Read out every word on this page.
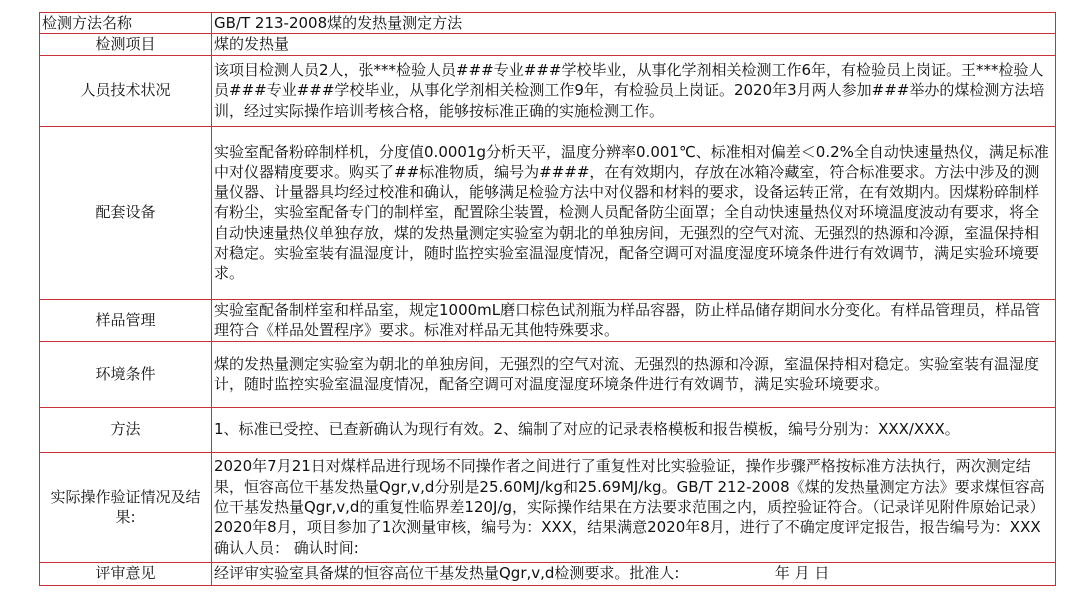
检测方法名称	GB/T 213-2008煤的发热量测定方法
检测项目	煤的发热量
人员技术状况	该项目检测人员2人，张***检验人员###专业###学校毕业，从事化学剂相关检测工作6年，有检验员上岗证。王***检验人员###专业###学校毕业，从事化学剂相关检测工作9年，有检验员上岗证。2020年3月两人参加###举办的煤检测方法培训，经过实际操作培训考核合格，能够按标准正确的实施检测工作。
配套设备	实验室配备粉碎制样机，分度值0.0001g分析天平，温度分辨率0.001℃、标准相对偏差＜0.2%全自动快速量热仪，满足标准中对仪器精度要求。购买了##标准物质，编号为####，在有效期内，存放在冰箱冷藏室，符合标准要求。方法中涉及的测量仪器、计量器具均经过校准和确认，能够满足检验方法中对仪器和材料的要求，设备运转正常，在有效期内。因煤粉碎制样有粉尘，实验室配备专门的制样室，配置除尘装置，检测人员配备防尘面罩；全自动快速量热仪对环境温度波动有要求，将全自动快速量热仪单独存放，煤的发热量测定实验室为朝北的单独房间，无强烈的空气对流、无强烈的热源和冷源，室温保持相对稳定。实验室装有温湿度计，随时监控实验室温湿度情况，配备空调可对温度湿度环境条件进行有效调节，满足实验环境要求。
样品管理	实验室配备制样室和样品室，规定1000mL磨口棕色试剂瓶为样品容器，防止样品储存期间水分变化。有样品管理员，样品管理符合《样品处置程序》要求。标准对样品无其他特殊要求。
环境条件	煤的发热量测定实验室为朝北的单独房间，无强烈的空气对流、无强烈的热源和冷源，室温保持相对稳定。实验室装有温湿度计，随时监控实验室温湿度情况，配备空调可对温度湿度环境条件进行有效调节，满足实验环境要求。
方法	1、标准已受控、已查新确认为现行有效。2、编制了对应的记录表格模板和报告模板，编号分别为：XXX/XXX。
实际操作验证情况及结果:	2020年7月21日对煤样品进行现场不同操作者之间进行了重复性对比实验验证，操作步骤严格按标准方法执行，两次测定结果，恒容高位干基发热量Qgr,v,d分别是25.60MJ/kg和25.69MJ/kg。GB/T 212-2008《煤的发热量测定方法》要求煤恒容高位干基发热量Qgr,v,d的重复性临界差120J/g，实际操作结果在方法要求范围之内，质控验证符合。（记录详见附件原始记录）2020年8月，项目参加了1次测量审核，编号为：XXX，结果满意2020年8月，进行了不确定度评定报告，报告编号为：XXX 确认人员： 确认时间:
评审意见	经评审实验室具备煤的恒容高位干基发热量Qgr,v,d检测要求。批准人: 年 月 日
